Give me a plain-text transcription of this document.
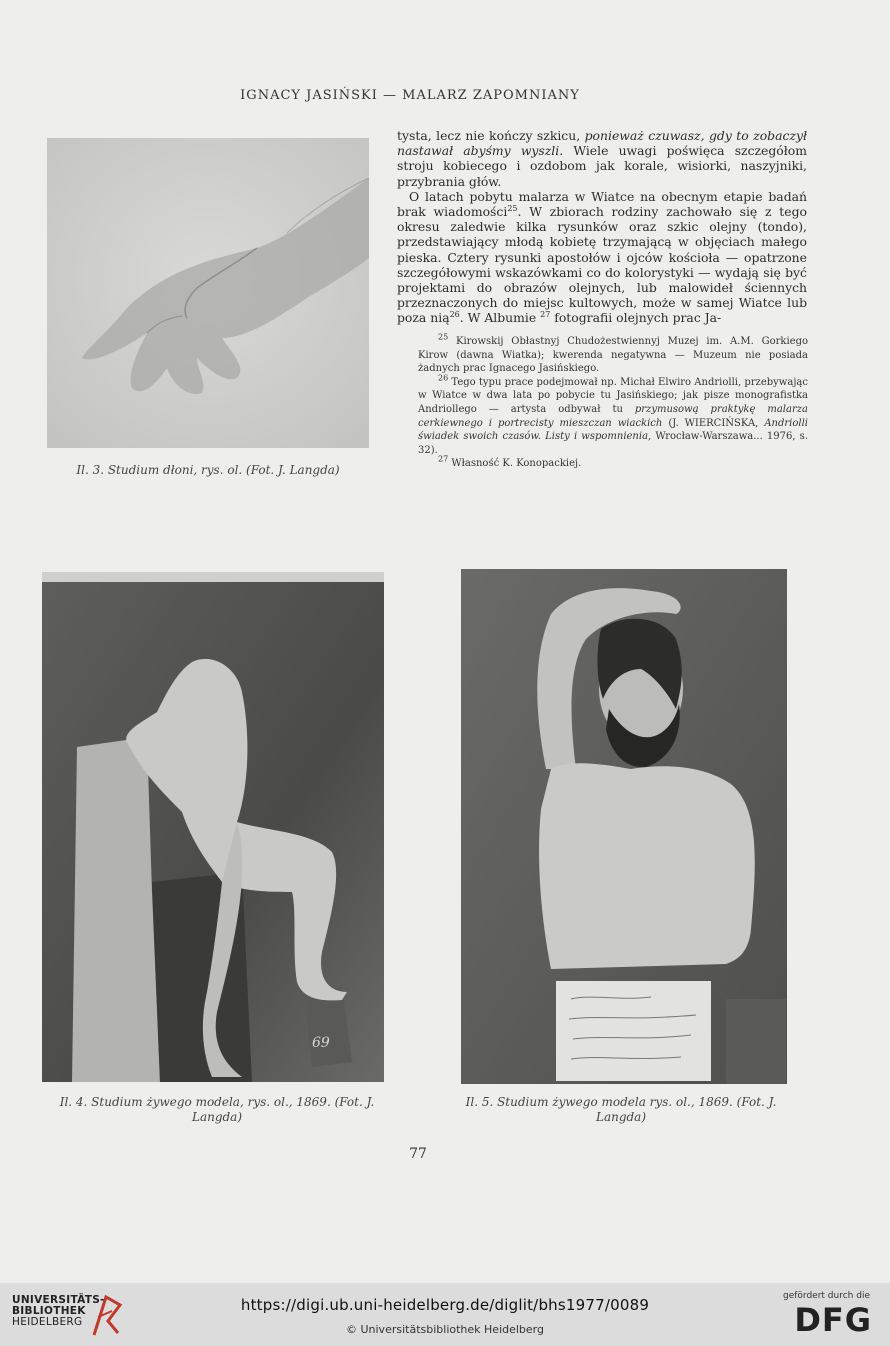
IGNACY JASIŃSKI — MALARZ ZAPOMNIANY
Il. 3. Studium dłoni, rys. ol. (Fot. J. Langda)

tysta, lecz nie kończy szkicu, ponieważ czuwasz, gdy to zobaczył nastawał abyśmy wyszli. Wiele uwagi poświęca szczegółom stroju kobiecego i ozdobom jak korale, wisiorki, naszyjniki, przybrania głów.

O latach pobytu malarza w Wiatce na obecnym etapie badań brak wiadomości$^{25}$. W zbiorach rodziny zachowało się z tego okresu zaledwie kilka rysunków oraz szkic olejny (tondo), przedstawiający młodą kobietę trzymającą w objęciach małego pieska. Cztery rysunki apostołów i ojców kościoła — opatrzone szczegółowymi wskazówkami co do kolorystyki — wydają się być projektami do obrazów olejnych, lub malowideł ściennych przeznaczonych do miejsc kultowych, może w samej Wiatce lub poza nią$^{26}$. W Albumie $^{27}$ fotografii olejnych prac Ja-

$^{25}$ Kirowskij Obłastnyj Chudożestwiennyj Muzej im. A.M. Gorkiego Kirow (dawna Wiatka); kwerenda negatywna — Muzeum nie posiada żadnych prac Ignacego Jasińskiego.

$^{26}$ Tego typu prace podejmował np. Michał Elwiro Andriolli, przebywając w Wiatce w dwa lata po pobycie tu Jasińskiego; jak pisze monografistka Andriollego — artysta odbywał tu przymusową praktykę malarza cerkiewnego i portrecisty mieszczan wiackich (J. WIERCIŃSKA, Andriolli świadek swoich czasów. Listy i wspomnienia, Wrocław-Warszawa... 1976, s. 32).

$^{27}$ Własność K. Konopackiej.

69
Il. 4. Studium żywego modela, rys. ol., 1869. (Fot. J. Langda)
Il. 5. Studium żywego modela rys. ol., 1869. (Fot. J. Langda)
77
UNIVERSITÄTS-
BIBLIOTHEK
HEIDELBERG
https://digi.ub.uni-heidelberg.de/diglit/bhs1977/0089
© Universitätsbibliothek Heidelberg
gefördert durch die
DFG
